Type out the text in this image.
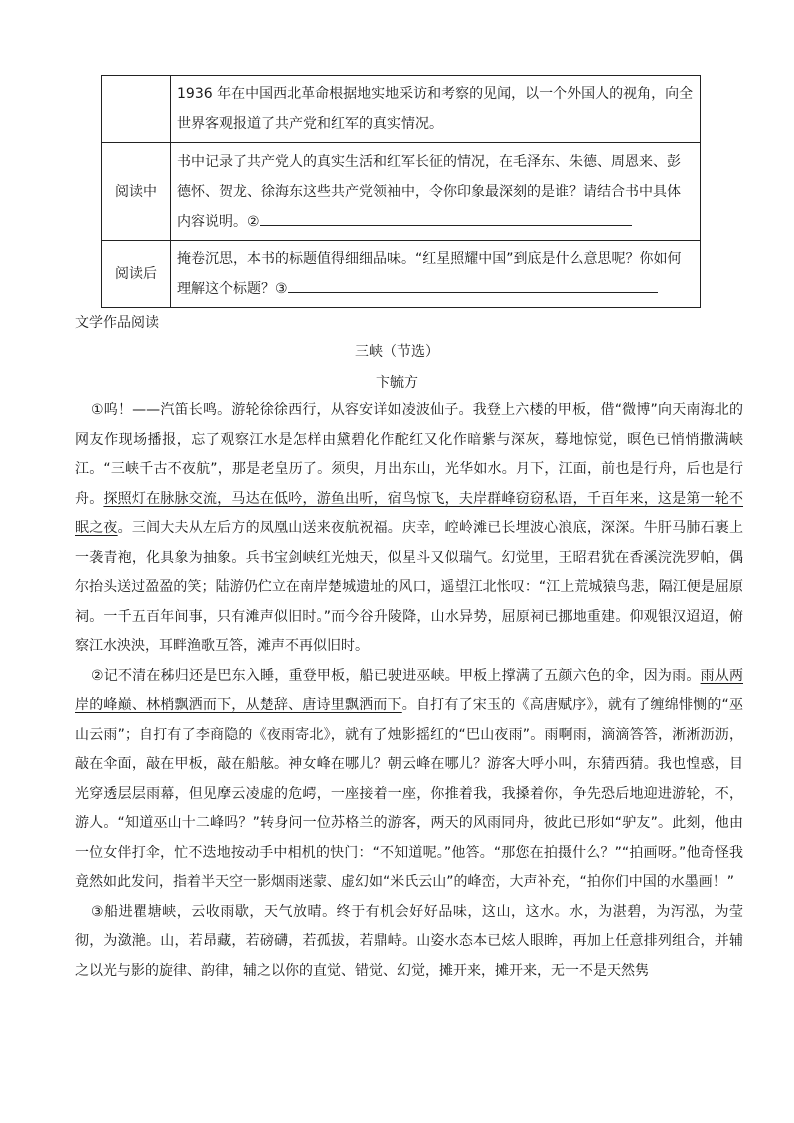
	1936 年在中国西北革命根据地实地采访和考察的见闻，以一个外国人的视角，向全世界客观报道了共产党和红军的真实情况。
阅读中	书中记录了共产党人的真实生活和红军长征的情况，在毛泽东、朱德、周恩来、彭德怀、贺龙、徐海东这些共产党领袖中，令你印象最深刻的是谁？请结合书中具体内容说明。②
阅读后	掩卷沉思，本书的标题值得细细品味。“红星照耀中国”到底是什么意思呢？你如何理解这个标题？③
文学作品阅读
三峡（节选）
卞毓方

①呜！——汽笛长鸣。游轮徐徐西行，从容安详如凌波仙子。我登上六楼的甲板，借“微博”向天南海北的网友作现场播报，忘了观察江水是怎样由黛碧化作酡红又化作暗紫与深灰，蓦地惊觉，暝色已悄悄撒满峡江。“三峡千古不夜航”，那是老皇历了。须臾，月出东山，光华如水。月下，江面，前也是行舟，后也是行舟。探照灯在脉脉交流，马达在低吟，游鱼出听，宿鸟惊飞，夫岸群峰窃窃私语，千百年来，这是第一轮不眠之夜。三闾大夫从左后方的凤凰山送来夜航祝福。庆幸，崆岭滩已长埋波心浪底，深深。牛肝马肺石裹上一袭青袍，化具象为抽象。兵书宝剑峡红光烛天，似星斗又似瑞气。幻觉里，王昭君犹在香溪浣洗罗帕，偶尔抬头送过盈盈的笑；陆游仍伫立在南岸楚城遗址的风口，遥望江北怅叹：“江上荒城猿鸟悲，隔江便是屈原祠。一千五百年间事，只有滩声似旧时。”而今谷升陵降，山水异势，屈原祠已挪地重建。仰观银汉迢迢，俯察江水泱泱，耳畔渔歌互答，滩声不再似旧时。

②记不清在秭归还是巴东入睡，重登甲板，船已驶进巫峡。甲板上撑满了五颜六色的伞，因为雨。雨从两岸的峰巅、林梢飘洒而下，从楚辞、唐诗里飘洒而下。自打有了宋玉的《高唐赋序》，就有了缠绵悱恻的“巫山云雨”；自打有了李商隐的《夜雨寄北》，就有了烛影摇红的“巴山夜雨”。雨啊雨，滴滴答答，淅淅沥沥，敲在伞面，敲在甲板，敲在船舷。神女峰在哪儿？朝云峰在哪儿？游客大呼小叫，东猜西猜。我也惶惑，目光穿透层层雨幕，但见摩云凌虚的危崿，一座接着一座，你推着我，我搡着你，争先恐后地迎进游轮，不，游人。“知道巫山十二峰吗？”转身问一位苏格兰的游客，两天的风雨同舟，彼此已形如“驴友”。此刻，他由一位女伴打伞，忙不迭地按动手中相机的快门：“不知道呢。”他答。“那您在拍摄什么？”“拍画呀。”他奇怪我竟然如此发问，指着半天空一影烟雨迷蒙、虚幻如“米氏云山”的峰峦，大声补充，“拍你们中国的水墨画！”

③船进瞿塘峡，云收雨歇，天气放晴。终于有机会好好品味，这山，这水。水，为湛碧，为泻泓，为莹彻，为潋滟。山，若昂藏，若磅礴，若孤拔，若鼎峙。山姿水态本已炫人眼眸，再加上任意排列组合，并辅之以光与影的旋律、韵律，辅之以你的直觉、错觉、幻觉，摊开来，摊开来，无一不是天然隽
